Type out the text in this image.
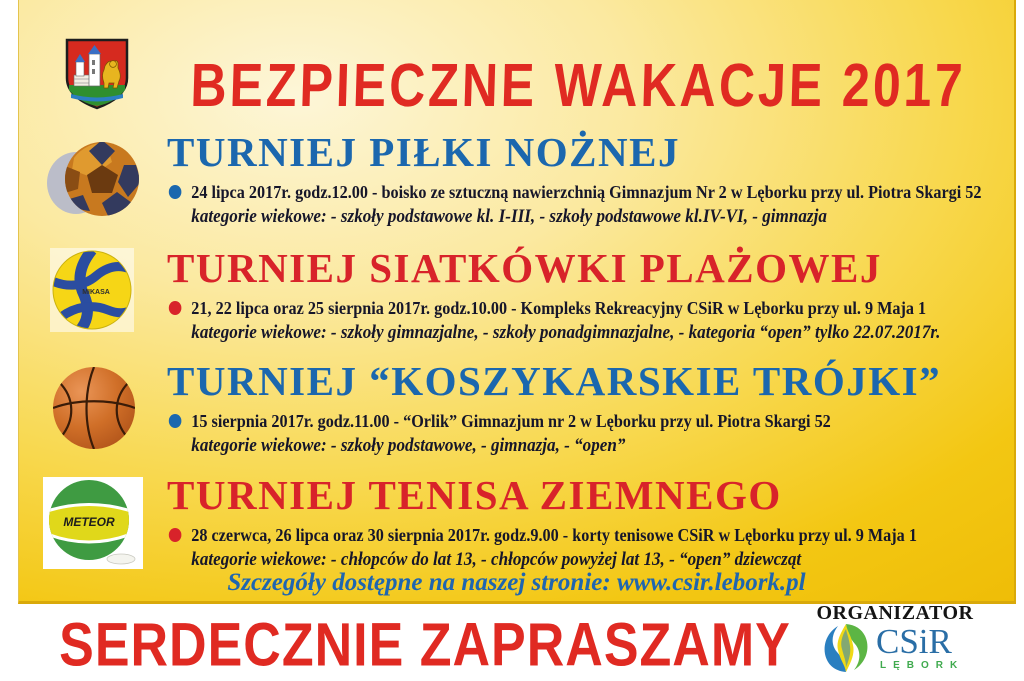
BEZPIECZNE WAKACJE 2017
TURNIEJ PIŁKI NOŻNEJ
24 lipca 2017r. godz.12.00 - boisko ze sztuczną nawierzchnią Gimnazjum Nr 2 w Lęborku przy ul. Piotra Skargi 52
kategorie wiekowe: - szkoły podstawowe kl. I-III, - szkoły podstawowe kl.IV-VI, - gimnazja
MIKASA
TURNIEJ SIATKÓWKI PLAŻOWEJ
21, 22 lipca oraz 25 sierpnia 2017r. godz.10.00 - Kompleks Rekreacyjny CSiR w Lęborku przy ul. 9 Maja 1
kategorie wiekowe: - szkoły gimnazjalne, - szkoły ponadgimnazjalne, - kategoria “open” tylko 22.07.2017r.
TURNIEJ “KOSZYKARSKIE TRÓJKI”
15 sierpnia 2017r. godz.11.00 - “Orlik” Gimnazjum nr 2 w Lęborku przy ul. Piotra Skargi 52
kategorie wiekowe: - szkoły podstawowe, - gimnazja, - “open”
METEOR
TURNIEJ TENISA ZIEMNEGO
28 czerwca, 26 lipca oraz 30 sierpnia 2017r. godz.9.00 - korty tenisowe CSiR w Lęborku przy ul. 9 Maja 1
kategorie wiekowe: - chłopców do lat 13, - chłopców powyżej lat 13, - “open” dziewcząt
Szczegóły dostępne na naszej stronie: www.csir.lebork.pl
SERDECZNIE ZAPRASZAMY	ORGANIZATOR
CSiR
LĘBORK
